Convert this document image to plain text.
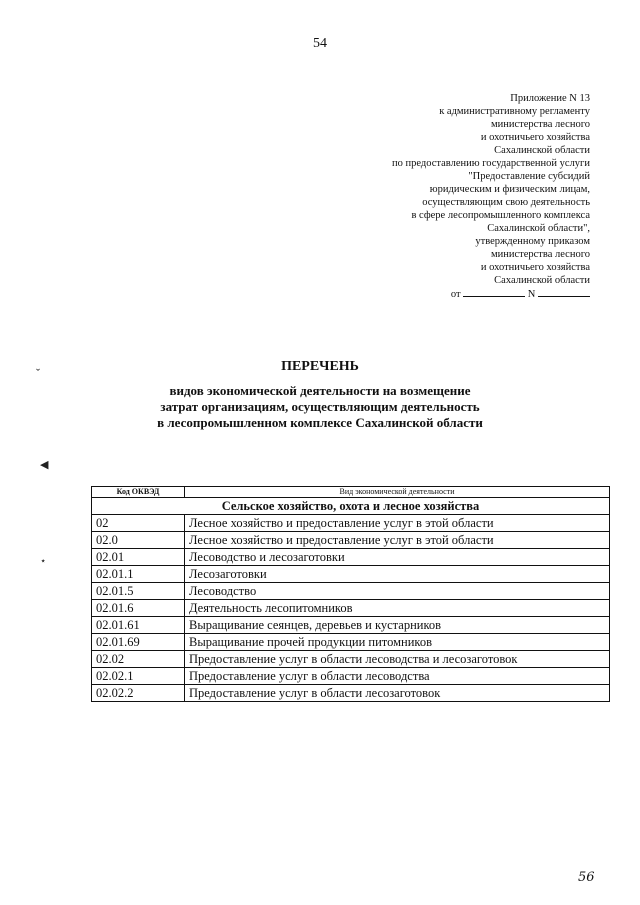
54
Приложение N 13
к административному регламенту
министерства лесного
и охотничьего хозяйства
Сахалинской области
по предоставлению государственной услуги
"Предоставление субсидий
юридическим и физическим лицам,
осуществляющим свою деятельность
в сфере лесопромышленного комплекса
Сахалинской области",
утвержденному приказом
министерства лесного
и охотничьего хозяйства
Сахалинской области
от	N
ˇ
◀
⋆
ПЕРЕЧЕНЬ
видов экономической деятельности на возмещение
затрат организациям, осуществляющим деятельность
в лесопромышленном комплексе Сахалинской области
Код ОКВЭД	Вид экономической деятельности
Сельское хозяйство, охота и лесное хозяйства	
02	Лесное хозяйство и предоставление услуг в этой области
02.0	Лесное хозяйство и предоставление услуг в этой области
02.01	Лесоводство и лесозаготовки
02.01.1	Лесозаготовки
02.01.5	Лесоводство
02.01.6	Деятельность лесопитомников
02.01.61	Выращивание сеянцев, деревьев и кустарников
02.01.69	Выращивание прочей продукции питомников
02.02	Предоставление услуг в области лесоводства и лесозаготовок
02.02.1	Предоставление услуг в области лесоводства
02.02.2	Предоставление услуг в области лесозаготовок
56
